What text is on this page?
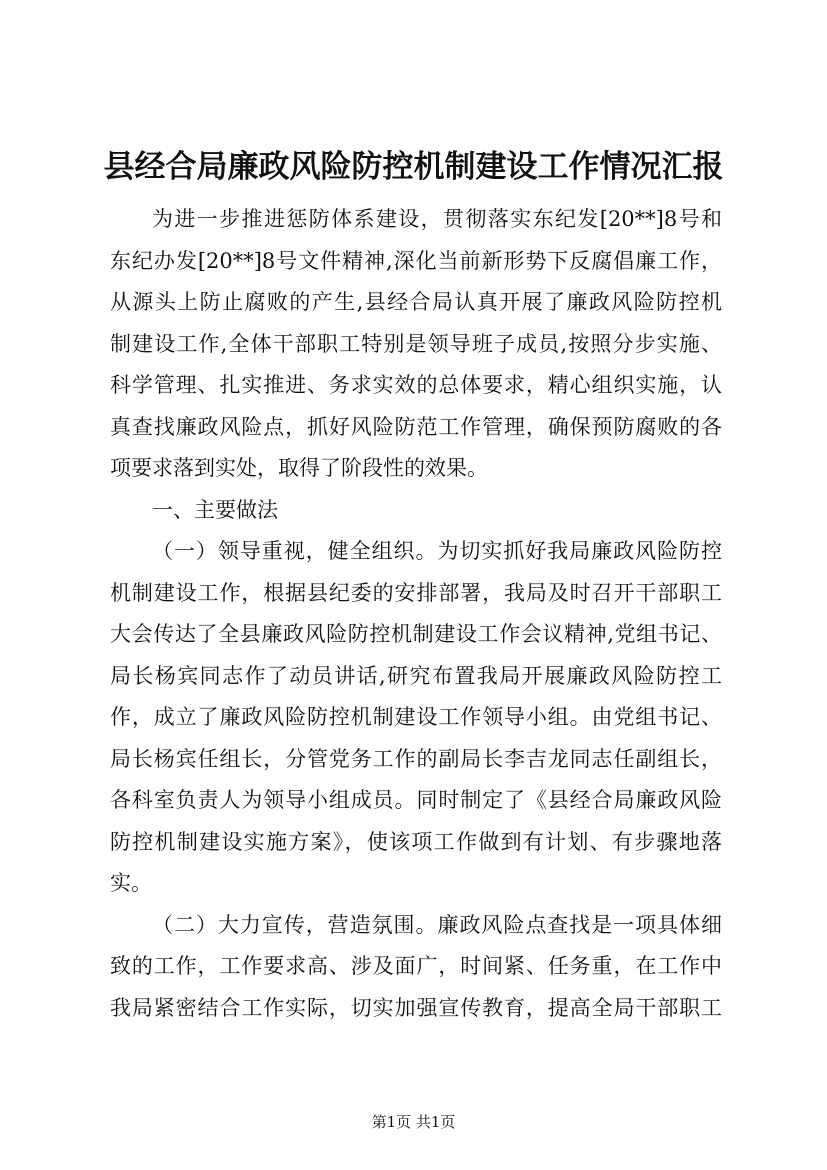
县经合局廉政风险防控机制建设工作情况汇报
为进一步推进惩防体系建设，贯彻落实东纪发[20**]8号和
东纪办发[20**]8号文件精神,深化当前新形势下反腐倡廉工作，
从源头上防止腐败的产生,县经合局认真开展了廉政风险防控机
制建设工作,全体干部职工特别是领导班子成员,按照分步实施、
科学管理、扎实推进、务求实效的总体要求，精心组织实施，认
真查找廉政风险点，抓好风险防范工作管理，确保预防腐败的各
项要求落到实处，取得了阶段性的效果。
一、主要做法
（一）领导重视，健全组织。为切实抓好我局廉政风险防控
机制建设工作，根据县纪委的安排部署，我局及时召开干部职工
大会传达了全县廉政风险防控机制建设工作会议精神,党组书记、
局长杨宾同志作了动员讲话,研究布置我局开展廉政风险防控工
作，成立了廉政风险防控机制建设工作领导小组。由党组书记、
局长杨宾任组长，分管党务工作的副局长李吉龙同志任副组长，
各科室负责人为领导小组成员。同时制定了《县经合局廉政风险
防控机制建设实施方案》，使该项工作做到有计划、有步骤地落
实。
（二）大力宣传，营造氛围。廉政风险点查找是一项具体细
致的工作，工作要求高、涉及面广，时间紧、任务重，在工作中
我局紧密结合工作实际，切实加强宣传教育，提高全局干部职工
第1页 共1页
